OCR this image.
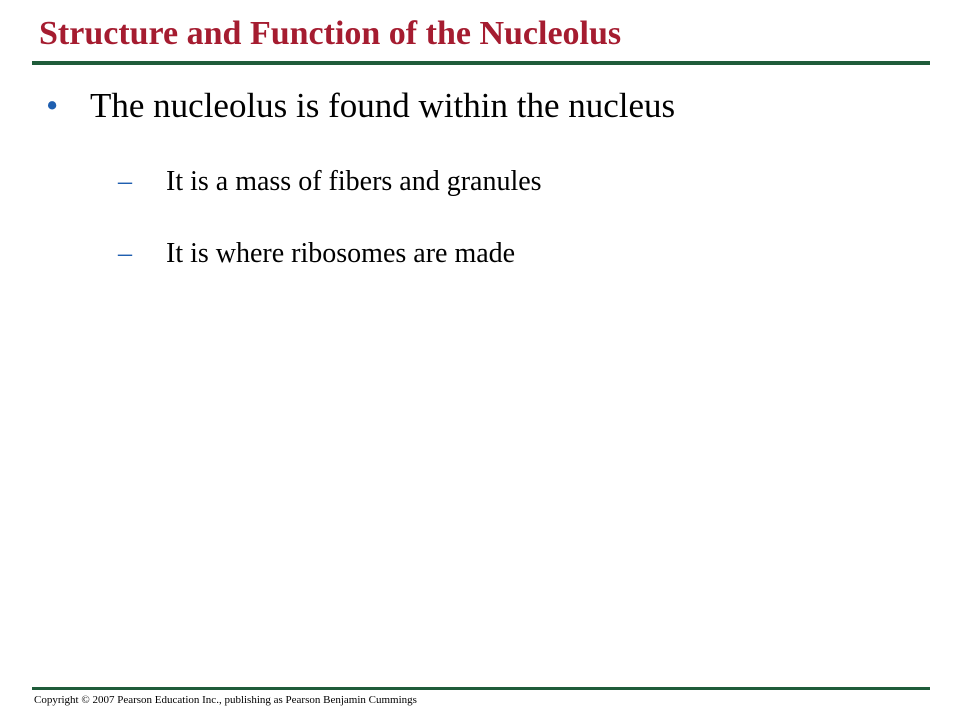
Structure and Function of the Nucleolus
• The nucleolus is found within the nucleus
– It is a mass of fibers and granules
– It is where ribosomes are made
Copyright © 2007 Pearson Education Inc., publishing as Pearson Benjamin Cummings
